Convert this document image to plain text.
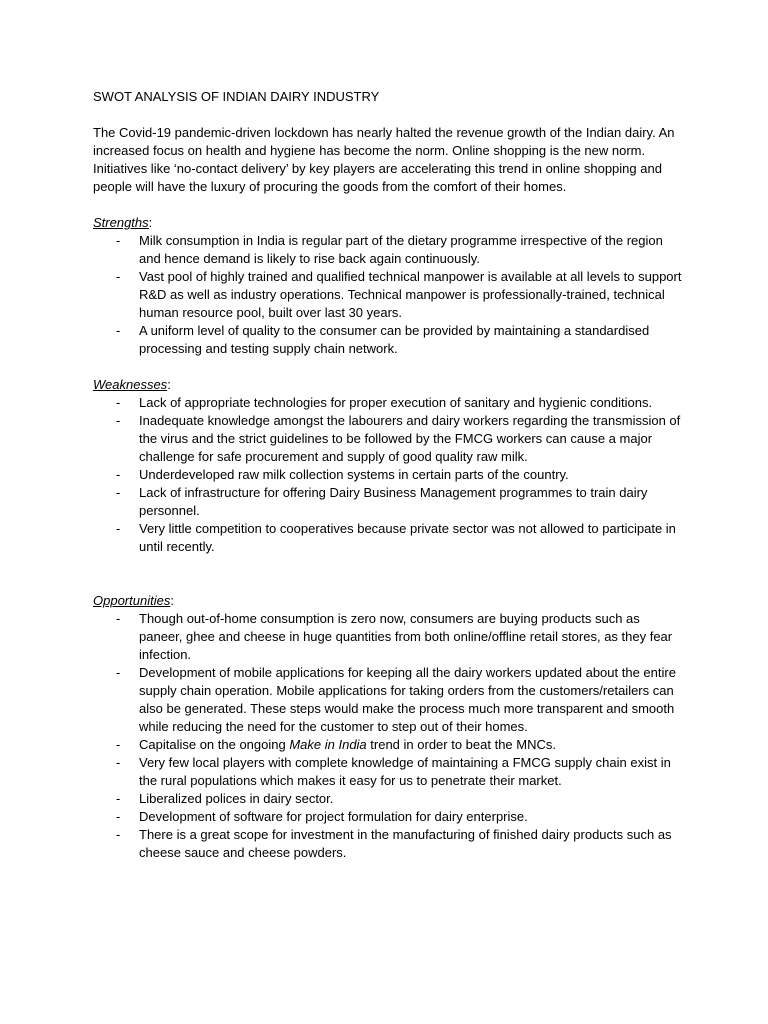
SWOT ANALYSIS OF INDIAN DAIRY INDUSTRY

The Covid-19 pandemic-driven lockdown has nearly halted the revenue growth of the Indian dairy. An increased focus on health and hygiene has become the norm. Online shopping is the new norm. Initiatives like ‘no-contact delivery’ by key players are accelerating this trend in online shopping and people will have the luxury of procuring the goods from the comfort of their homes.

Strengths:
- Milk consumption in India is regular part of the dietary programme irrespective of the region and hence demand is likely to rise back again continuously.
- Vast pool of highly trained and qualified technical manpower is available at all levels to support R&D as well as industry operations. Technical manpower is professionally-trained, technical human resource pool, built over last 30 years.
- A uniform level of quality to the consumer can be provided by maintaining a standardised processing and testing supply chain network.
Weaknesses:
- Lack of appropriate technologies for proper execution of sanitary and hygienic conditions.
- Inadequate knowledge amongst the labourers and dairy workers regarding the transmission of the virus and the strict guidelines to be followed by the FMCG workers can cause a major challenge for safe procurement and supply of good quality raw milk.
- Underdeveloped raw milk collection systems in certain parts of the country.
- Lack of infrastructure for offering Dairy Business Management programmes to train dairy personnel.
- Very little competition to cooperatives because private sector was not allowed to participate in until recently.
Opportunities:
- Though out-of-home consumption is zero now, consumers are buying products such as paneer, ghee and cheese in huge quantities from both online/offline retail stores, as they fear infection.
- Development of mobile applications for keeping all the dairy workers updated about the entire supply chain operation. Mobile applications for taking orders from the customers/retailers can also be generated. These steps would make the process much more transparent and smooth while reducing the need for the customer to step out of their homes.
- Capitalise on the ongoing Make in India trend in order to beat the MNCs.
- Very few local players with complete knowledge of maintaining a FMCG supply chain exist in the rural populations which makes it easy for us to penetrate their market.
- Liberalized polices in dairy sector.
- Development of software for project formulation for dairy enterprise.
- There is a great scope for investment in the manufacturing of finished dairy products such as cheese sauce and cheese powders.
